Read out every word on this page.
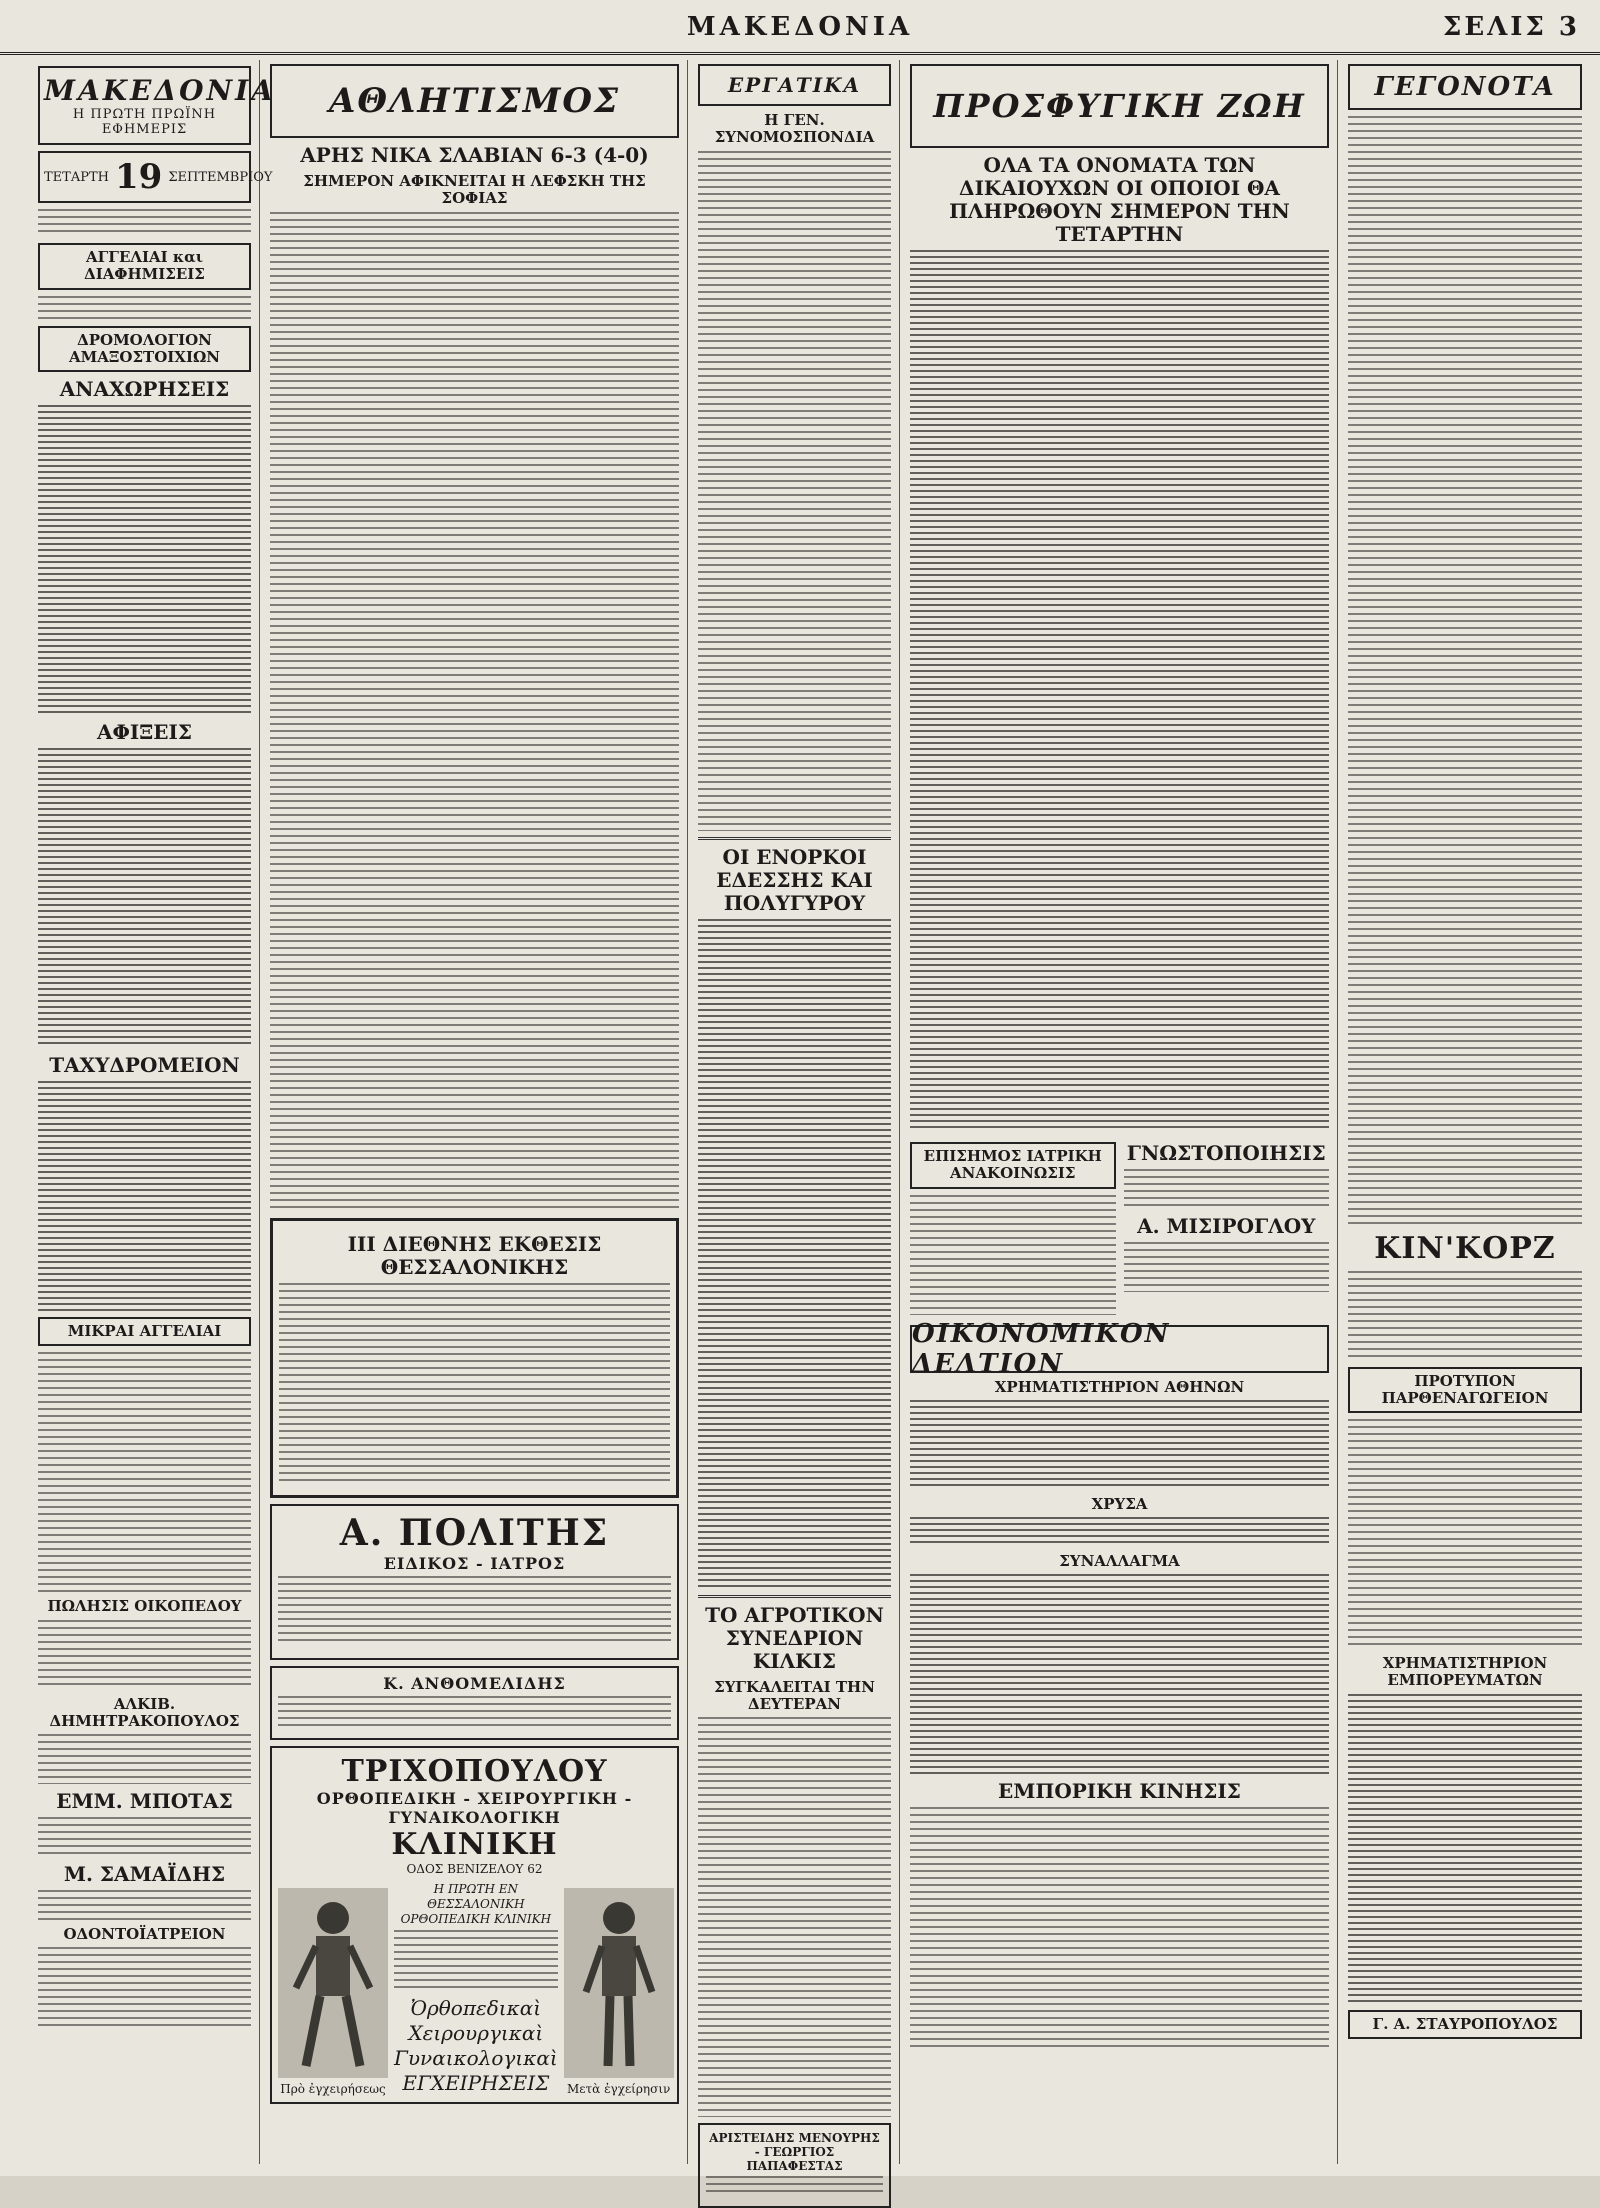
ΜΑΚΕΔΟΝΙΑ	ΣΕΛΙΣ 3
ΜΑΚΕΔΟΝΙΑ
Η ΠΡΩΤΗ ΠΡΩΪΝΗ ΕΦΗΜΕΡΙΣ
ΤΕΤΑΡΤΗ 19 ΣΕΠΤΕΜΒΡΙΟΥ
ΑΓΓΕΛΙΑΙ και ΔΙΑΦΗΜΙΣΕΙΣ
ΔΡΟΜΟΛΟΓΙΟΝ ΑΜΑΞΟΣΤΟΙΧΙΩΝ
ΑΝΑΧΩΡΗΣΕΙΣ
ΑΦΙΞΕΙΣ
ΤΑΧΥΔΡΟΜΕΙΟΝ
ΜΙΚΡΑΙ ΑΓΓΕΛΙΑΙ
ΠΩΛΗΣΙΣ ΟΙΚΟΠΕΔΟΥ
ΑΛΚΙΒ. ΔΗΜΗΤΡΑΚΟΠΟΥΛΟΣ
ΕΜΜ. ΜΠΟΤΑΣ
Μ. ΣΑΜΑΪΔΗΣ
ΟΔΟΝΤΟΪΑΤΡΕΙΟΝ
ΑΘΛΗΤΙΣΜΟΣ
ΑΡΗΣ ΝΙΚΑ ΣΛΑΒΙΑΝ 6-3 (4-0)
ΣΗΜΕΡΟΝ ΑΦΙΚΝΕΙΤΑΙ Η ΛΕΦΣΚΗ ΤΗΣ ΣΟΦΙΑΣ
ΙΙΙ ΔΙΕΘΝΗΣ ΕΚΘΕΣΙΣ ΘΕΣΣΑΛΟΝΙΚΗΣ
Α. ΠΟΛΙΤΗΣ
ΕΙΔΙΚΟΣ - ΙΑΤΡΟΣ
Κ. ΑΝΘΟΜΕΛΙΔΗΣ
ΤΡΙΧΟΠΟΥΛΟΥ
ΟΡΘΟΠΕΔΙΚΗ - ΧΕΙΡΟΥΡΓΙΚΗ - ΓΥΝΑΙΚΟΛΟΓΙΚΗ
ΚΛΙΝΙΚΗ
ΟΔΟΣ ΒΕΝΙΖΕΛΟΥ 62
Πρὸ ἐγχειρήσεως
Η ΠΡΩΤΗ ΕΝ ΘΕΣΣΑΛΟΝΙΚΗ ΟΡΘΟΠΕΔΙΚΗ ΚΛΙΝΙΚΗ
Ὀρθοπεδικαὶ Χειρουργικαὶ Γυναικολογικαὶ ΕΓΧΕΙΡΗΣΕΙΣ	Μετὰ ἐγχείρησιν
ΕΡΓΑΤΙΚΑ
Η ΓΕΝ. ΣΥΝΟΜΟΣΠΟΝΔΙΑ
ΟΙ ΕΝΟΡΚΟΙ ΕΔΕΣΣΗΣ ΚΑΙ ΠΟΛΥΓΥΡΟΥ
ΤΟ ΑΓΡΟΤΙΚΟΝ ΣΥΝΕΔΡΙΟΝ ΚΙΛΚΙΣ
ΣΥΓΚΑΛΕΙΤΑΙ ΤΗΝ ΔΕΥΤΕΡΑΝ
ΑΡΙΣΤΕΙΔΗΣ ΜΕΝΟΥΡΗΣ - ΓΕΩΡΓΙΟΣ ΠΑΠΑΦΕΣΤΑΣ
ΠΡΟΣΦΥΓΙΚΗ ΖΩΗ
ΟΛΑ ΤΑ ΟΝΟΜΑΤΑ ΤΩΝ ΔΙΚΑΙΟΥΧΩΝ ΟΙ ΟΠΟΙΟΙ ΘΑ ΠΛΗΡΩΘΟΥΝ ΣΗΜΕΡΟΝ ΤΗΝ ΤΕΤΑΡΤΗΝ
ΕΠΙΣΗΜΟΣ ΙΑΤΡΙΚΗ ΑΝΑΚΟΙΝΩΣΙΣ
ΓΝΩΣΤΟΠΟΙΗΣΙΣ
Α. ΜΙΣΙΡΟΓΛΟΥ
ΟΙΚΟΝΟΜΙΚΟΝ ΔΕΛΤΙΟΝ
ΧΡΗΜΑΤΙΣΤΗΡΙΟΝ ΑΘΗΝΩΝ
ΧΡΥΣΑ
ΣΥΝΑΛΛΑΓΜΑ
ΕΜΠΟΡΙΚΗ ΚΙΝΗΣΙΣ
ΓΕΓΟΝΟΤΑ
ΚΙΝ'ΚΟΡΖ
ΠΡΟΤΥΠΟΝ ΠΑΡΘΕΝΑΓΩΓΕΙΟΝ
ΧΡΗΜΑΤΙΣΤΗΡΙΟΝ ΕΜΠΟΡΕΥΜΑΤΩΝ
Γ. Α. ΣΤΑΥΡΟΠΟΥΛΟΣ
